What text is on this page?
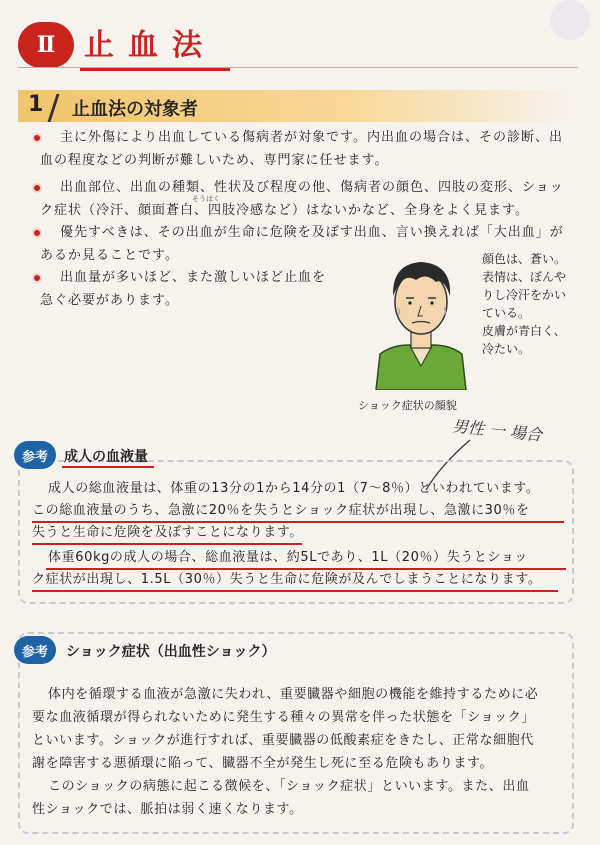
Ⅱ 止血法
1 止血法の対象者
主に外傷により出血している傷病者が対象です。内出血の場合は、その診断、出
血の程度などの判断が難しいため、専門家に任せます。
出血部位、出血の種類、性状及び程度の他、傷病者の顔色、四肢の変形、ショッ
そうはく
ク症状（冷汗、顔面蒼白、四肢冷感など）はないかなど、全身をよく見ます。
優先すべきは、その出血が生命に危険を及ぼす出血、言い換えれば「大出血」が
あるか見ることです。
出血量が多いほど、また激しいほど止血を
急ぐ必要があります。
顔色は、蒼い。
表情は、ぼんや
りし冷汗をかい
ている。
皮膚が青白く、
冷たい。
ショック症状の顔貌
男性 一 場合
参考	成人の血液量
成人の総血液量は、体重の13分の1から14分の1（7～8％）といわれています。
この総血液量のうち、急激に20％を失うとショック症状が出現し、急激に30％を
失うと生命に危険を及ぼすことになります。
体重60kgの成人の場合、総血液量は、約5Lであり、1L（20％）失うとショッ
ク症状が出現し、1.5L（30％）失うと生命に危険が及んでしまうことになります。
参考	ショック症状（出血性ショック）
体内を循環する血液が急激に失われ、重要臓器や細胞の機能を維持するために必
要な血液循環が得られないために発生する種々の異常を伴った状態を「ショック」
といいます。ショックが進行すれば、重要臓器の低酸素症をきたし、正常な細胞代
謝を障害する悪循環に陥って、臓器不全が発生し死に至る危険もあります。
このショックの病態に起こる徴候を、「ショック症状」といいます。また、出血
性ショックでは、脈拍は弱く速くなります。
